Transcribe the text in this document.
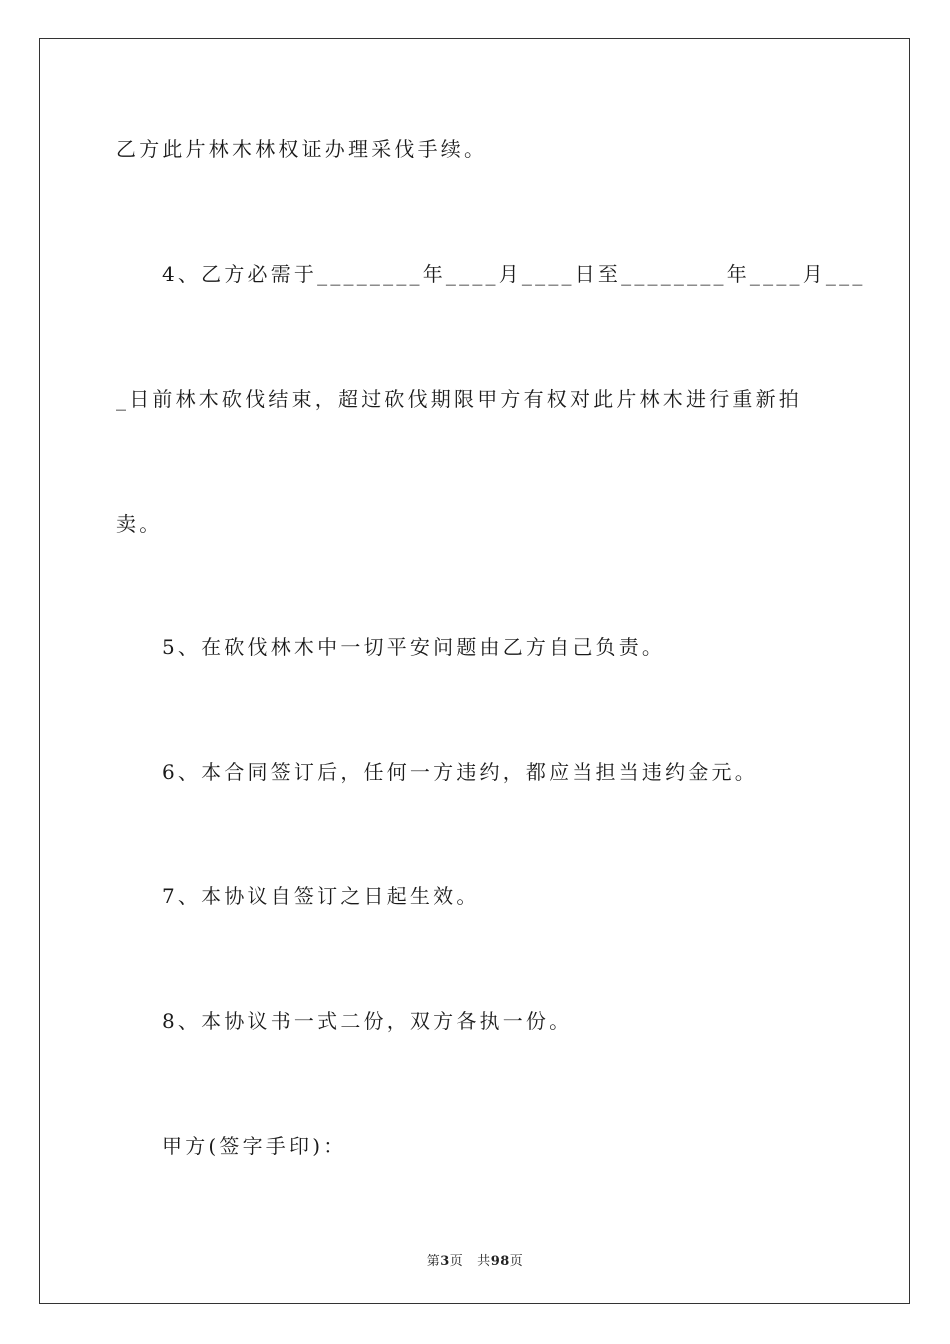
乙方此片林木林权证办理采伐手续。
4、乙方必需于________年____月____日至________年____月___
_日前林木砍伐结束，超过砍伐期限甲方有权对此片林木进行重新拍
卖。
5、在砍伐林木中一切平安问题由乙方自己负责。
6、本合同签订后，任何一方违约，都应当担当违约金元。
7、本协议自签订之日起生效。
8、本协议书一式二份，双方各执一份。
甲方(签字手印)：
第3页 共98页
